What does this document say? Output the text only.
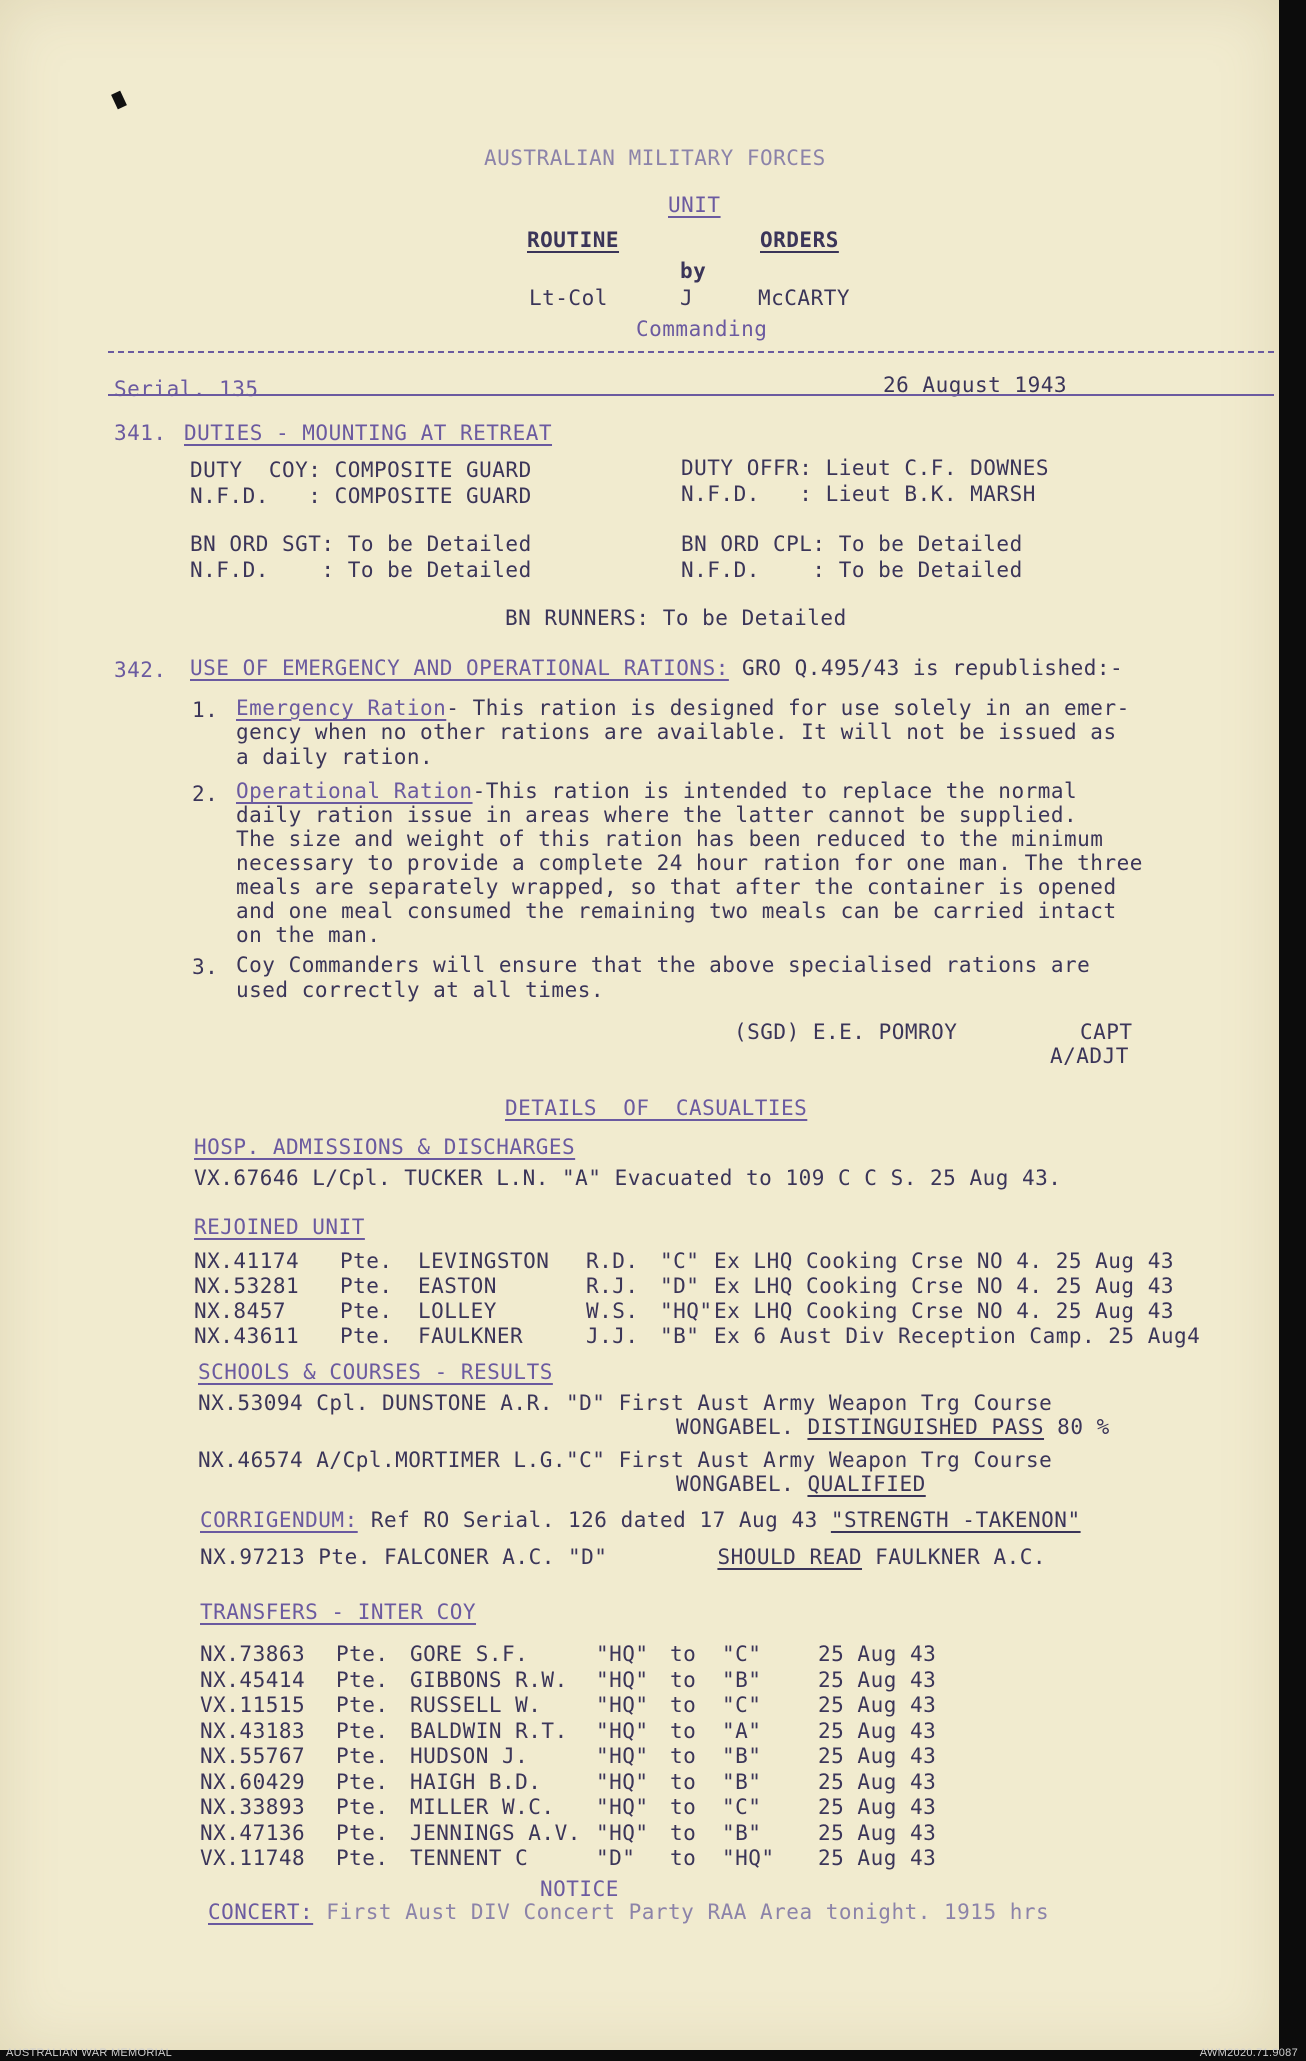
AUSTRALIAN MILITARY FORCES
UNIT
ROUTINE	ORDERS
by
Lt-Col	J	McCARTY
Commanding
Serial. 135	26 August 1943
341. DUTIES - MOUNTING AT RETREAT
DUTY  COY: COMPOSITE GUARD
N.F.D.   : COMPOSITE GUARD
DUTY OFFR: Lieut C.F. DOWNES
N.F.D.   : Lieut B.K. MARSH
BN ORD SGT: To be Detailed
N.F.D.    : To be Detailed
BN ORD CPL: To be Detailed
N.F.D.    : To be Detailed
BN RUNNERS: To be Detailed
342. USE OF EMERGENCY AND OPERATIONAL RATIONS: GRO Q.495/43 is republished:-
1. Emergency Ration- This ration is designed for use solely in an emer-
gency when no other rations are available. It will not be issued as
a daily ration.
2. Operational Ration-This ration is intended to replace the normal
daily ration issue in areas where the latter cannot be supplied.
The size and weight of this ration has been reduced to the minimum
necessary to provide a complete 24 hour ration for one man. The three
meals are separately wrapped, so that after the container is opened
and one meal consumed the remaining two meals can be carried intact
on the man.
3. Coy Commanders will ensure that the above specialised rations are
used correctly at all times.
(SGD) E.E. POMROY	CAPT
A/ADJT
DETAILS  OF  CASUALTIES
HOSP. ADMISSIONS & DISCHARGES
VX.67646 L/Cpl. TUCKER L.N. "A" Evacuated to 109 C C S. 25 Aug 43.
REJOINED UNIT
NX.41174 Pte. LEVINGSTON R.D. "C" Ex LHQ Cooking Crse NO 4. 25 Aug 43
NX.53281 Pte. EASTON	R.J. "D" Ex LHQ Cooking Crse NO 4. 25 Aug 43
NX.8457	Pte. LOLLEY	W.S. "HQ" Ex LHQ Cooking Crse NO 4. 25 Aug 43
NX.43611 Pte. FAULKNER	J.J. "B" Ex 6 Aust Div Reception Camp. 25 Aug4
SCHOOLS & COURSES - RESULTS
NX.53094 Cpl. DUNSTONE A.R. "D" First Aust Army Weapon Trg Course
WONGABEL. DISTINGUISHED PASS 80 %
NX.46574 A/Cpl.MORTIMER L.G."C" First Aust Army Weapon Trg Course
WONGABEL. QUALIFIED
CORRIGENDUM: Ref RO Serial. 126 dated 17 Aug 43 "STRENGTH -TAKENON"
NX.97213 Pte. FALCONER A.C. "D"	SHOULD READ FAULKNER A.C.
TRANSFERS - INTER COY
NX.73863 Pte. GORE S.F.	"HQ" to "C"	25 Aug 43
NX.45414 Pte. GIBBONS R.W. "HQ" to "B"	25 Aug 43
VX.11515 Pte. RUSSELL W.	"HQ" to "C"	25 Aug 43
NX.43183 Pte. BALDWIN R.T. "HQ" to "A"	25 Aug 43
NX.55767 Pte. HUDSON J.	"HQ" to "B"	25 Aug 43
NX.60429 Pte. HAIGH B.D.	"HQ" to "B"	25 Aug 43
NX.33893 Pte. MILLER W.C. "HQ" to "C"	25 Aug 43
NX.47136 Pte. JENNINGS A.V. "HQ" to "B"	25 Aug 43
VX.11748 Pte. TENNENT C	"D" to "HQ" 25 Aug 43
NOTICE
CONCERT: First Aust DIV Concert Party RAA Area tonight. 1915 hrs
AUSTRALIAN WAR MEMORIAL	AWM2020.71.9087
